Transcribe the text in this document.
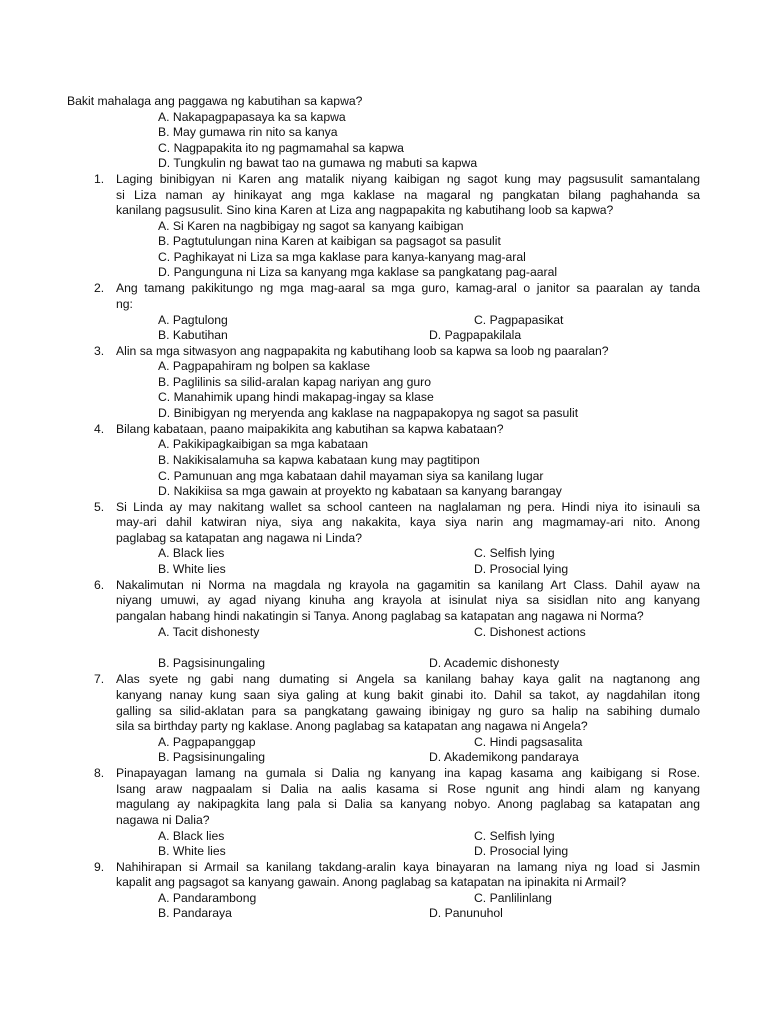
Bakit mahalaga ang paggawa ng kabutihan sa kapwa?
A. Nakapagpapasaya ka sa kapwa
B. May gumawa rin nito sa kanya
C. Nagpapakita ito ng pagmamahal sa kapwa
D. Tungkulin ng bawat tao na gumawa ng mabuti sa kapwa
1. Laging binibigyan ni Karen ang matalik niyang kaibigan ng sagot kung may pagsusulit samantalang
si Liza naman ay hinikayat ang mga kaklase na magaral ng pangkatan bilang paghahanda sa
kanilang pagsusulit. Sino kina Karen at Liza ang nagpapakita ng kabutihang loob sa kapwa?
A. Si Karen na nagbibigay ng sagot sa kanyang kaibigan
B. Pagtutulungan nina Karen at kaibigan sa pagsagot sa pasulit
C. Paghikayat ni Liza sa mga kaklase para kanya-kanyang mag-aral
D. Pangunguna ni Liza sa kanyang mga kaklase sa pangkatang pag-aaral
2. Ang tamang pakikitungo ng mga mag-aaral sa mga guro, kamag-aral o janitor sa paaralan ay tanda
ng:
A. Pagtulong	C. Pagpapasikat
B. Kabutihan	D. Pagpapakilala
3. Alin sa mga sitwasyon ang nagpapakita ng kabutihang loob sa kapwa sa loob ng paaralan?
A. Pagpapahiram ng bolpen sa kaklase
B. Paglilinis sa silid-aralan kapag nariyan ang guro
C. Manahimik upang hindi makapag-ingay sa klase
D. Binibigyan ng meryenda ang kaklase na nagpapakopya ng sagot sa pasulit
4. Bilang kabataan, paano maipakikita ang kabutihan sa kapwa kabataan?
A. Pakikipagkaibigan sa mga kabataan
B. Nakikisalamuha sa kapwa kabataan kung may pagtitipon
C. Pamunuan ang mga kabataan dahil mayaman siya sa kanilang lugar
D. Nakikiisa sa mga gawain at proyekto ng kabataan sa kanyang barangay
5. Si Linda ay may nakitang wallet sa school canteen na naglalaman ng pera. Hindi niya ito isinauli sa
may-ari dahil katwiran niya, siya ang nakakita, kaya siya narin ang magmamay-ari nito. Anong
paglabag sa katapatan ang nagawa ni Linda?
A. Black lies	C. Selfish lying
B. White lies	D. Prosocial lying
6. Nakalimutan ni Norma na magdala ng krayola na gagamitin sa kanilang Art Class. Dahil ayaw na
niyang umuwi, ay agad niyang kinuha ang krayola at isinulat niya sa sisidlan nito ang kanyang
pangalan habang hindi nakatingin si Tanya. Anong paglabag sa katapatan ang nagawa ni Norma?
A. Tacit dishonesty	C. Dishonest actions
B. Pagsisinungaling	D. Academic dishonesty
7. Alas syete ng gabi nang dumating si Angela sa kanilang bahay kaya galit na nagtanong ang
kanyang nanay kung saan siya galing at kung bakit ginabi ito. Dahil sa takot, ay nagdahilan itong
galling sa silid-aklatan para sa pangkatang gawaing ibinigay ng guro sa halip na sabihing dumalo
sila sa birthday party ng kaklase. Anong paglabag sa katapatan ang nagawa ni Angela?
A. Pagpapanggap	C. Hindi pagsasalita
B. Pagsisinungaling	D. Akademikong pandaraya
8. Pinapayagan lamang na gumala si Dalia ng kanyang ina kapag kasama ang kaibigang si Rose.
Isang araw nagpaalam si Dalia na aalis kasama si Rose ngunit ang hindi alam ng kanyang
magulang ay nakipagkita lang pala si Dalia sa kanyang nobyo. Anong paglabag sa katapatan ang
nagawa ni Dalia?
A. Black lies	C. Selfish lying
B. White lies	D. Prosocial lying
9. Nahihirapan si Armail sa kanilang takdang-aralin kaya binayaran na lamang niya ng load si Jasmin
kapalit ang pagsagot sa kanyang gawain. Anong paglabag sa katapatan na ipinakita ni Armail?
A. Pandarambong	C. Panlilinlang
B. Pandaraya	D. Panunuhol
